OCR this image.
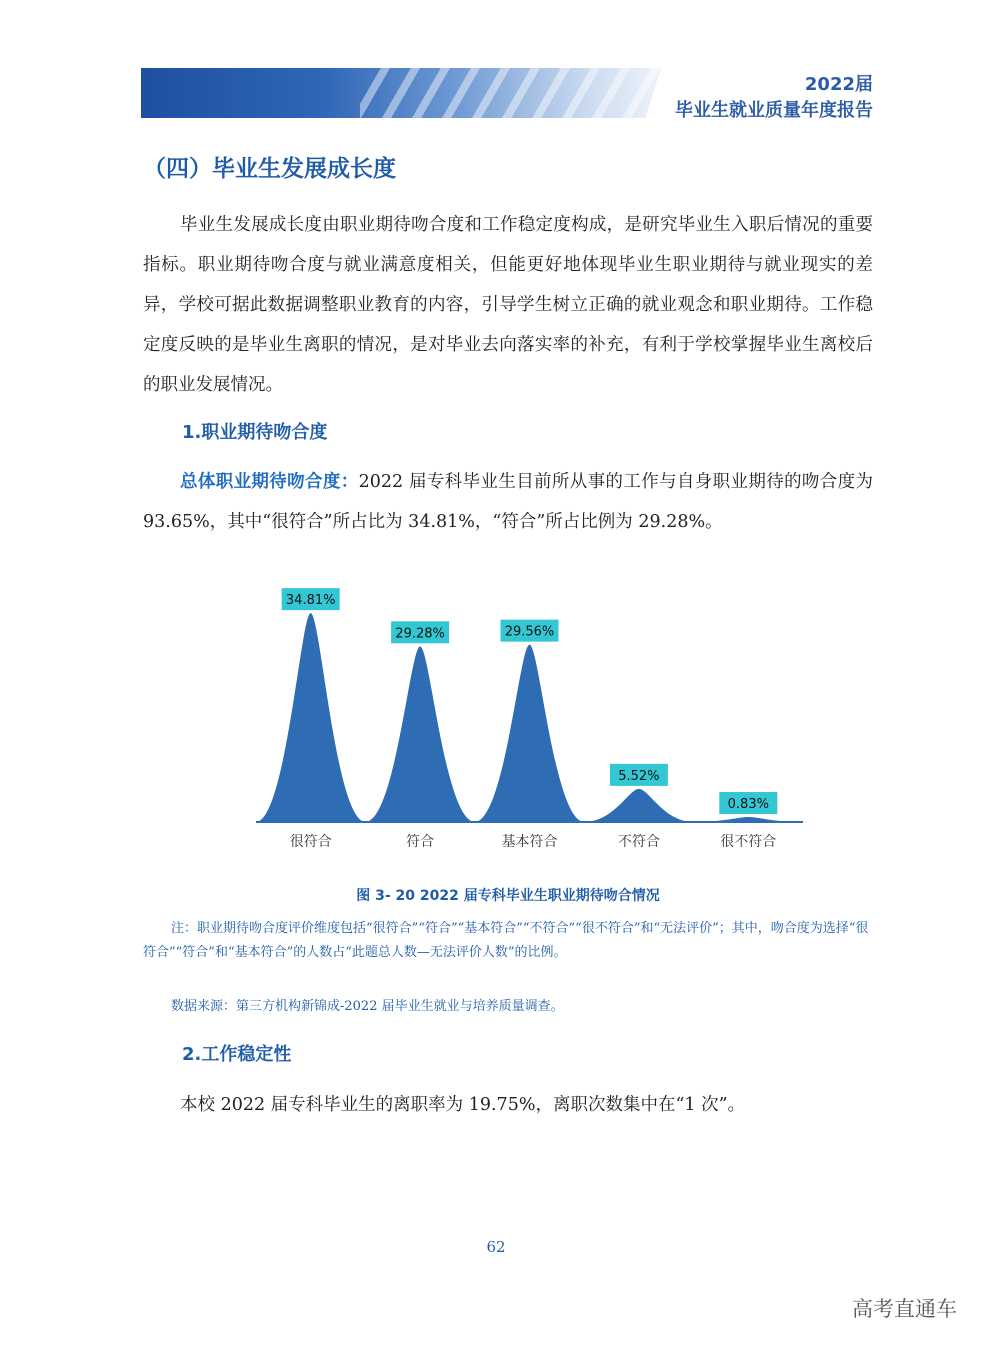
2022届
毕业生就业质量年度报告
（四）毕业生发展成长度
毕业生发展成长度由职业期待吻合度和工作稳定度构成，是研究毕业生入职后情况的重要指标。职业期待吻合度与就业满意度相关，但能更好地体现毕业生职业期待与就业现实的差异，学校可据此数据调整职业教育的内容，引导学生树立正确的就业观念和职业期待。工作稳定度反映的是毕业生离职的情况，是对毕业去向落实率的补充，有利于学校掌握毕业生离校后的职业发展情况。
1.职业期待吻合度
总体职业期待吻合度：2022 届专科毕业生目前所从事的工作与自身职业期待的吻合度为 93.65%，其中“很符合”所占比为 34.81%，“符合”所占比例为 29.28%。
34.81%
29.28%	29.56%
5.52%
0.83%
很符合	符合	基本符合	不符合	很不符合
图 3- 20 2022 届专科毕业生职业期待吻合情况
注：职业期待吻合度评价维度包括“很符合”“符合”“基本符合”“不符合”“很不符合”和“无法评价”；其中，吻合度为选择“很符合”“符合”和“基本符合”的人数占“此题总人数—无法评价人数”的比例。
数据来源：第三方机构新锦成-2022 届毕业生就业与培养质量调查。
2.工作稳定性
本校 2022 届专科毕业生的离职率为 19.75%，离职次数集中在“1 次”。
62
高考直通车
